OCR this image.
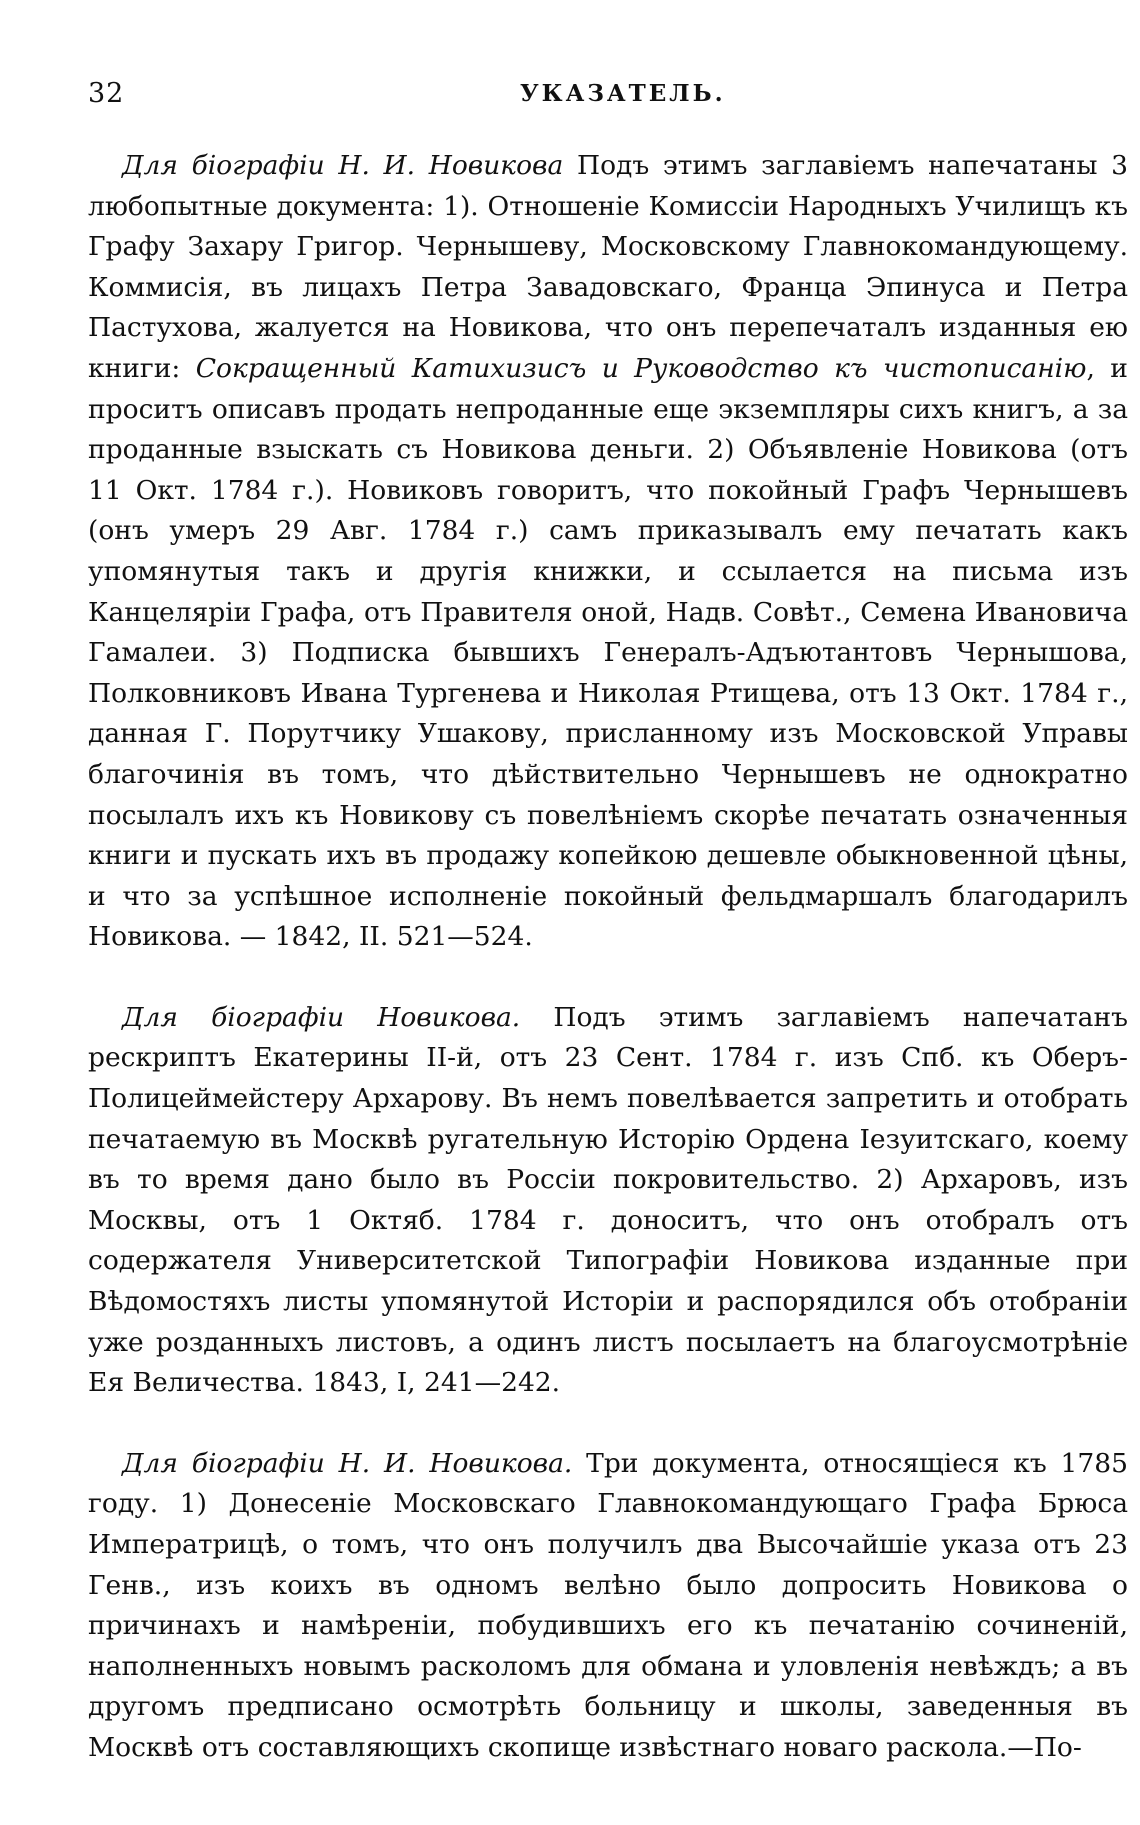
32	УКАЗАТЕЛЬ.

Для біографіи Н. И. Новикова Подъ этимъ заглавіемъ напечатаны 3 любопытные документа: 1). Отношеніе Комиссіи Народныхъ Училищъ къ Графу Захару Григор. Чернышеву, Московскому Главнокомандующему. Коммисія, въ лицахъ Петра Завадовскаго, Франца Эпинуса и Петра Пастухова, жалуется на Новикова, что онъ перепечаталъ изданныя ею книги: Сокращенный Катихизисъ и Руководство къ чистописанію, и проситъ описавъ продать непроданные еще экземпляры сихъ книгъ, а за проданные взыскать съ Новикова деньги. 2) Объявленіе Новикова (отъ 11 Окт. 1784 г.). Новиковъ говоритъ, что покойный Графъ Чернышевъ (онъ умеръ 29 Авг. 1784 г.) самъ приказывалъ ему печатать какъ упомянутыя такъ и другія книжки, и ссылается на письма изъ Канцеляріи Графа, отъ Правителя оной, Надв. Совѣт., Семена Ивановича Гамалеи. 3) Подписка бывшихъ Генералъ-Адъютантовъ Чернышова, Полковниковъ Ивана Тургенева и Николая Ртищева, отъ 13 Окт. 1784 г., данная Г. Порутчику Ушакову, присланному изъ Московской Управы благочинія въ томъ, что дѣйствительно Чернышевъ не однократно посылалъ ихъ къ Новикову съ повелѣніемъ скорѣе печатать означенныя книги и пускать ихъ въ продажу копейкою дешевле обыкновенной цѣны, и что за успѣшное исполненіе покойный фельдмаршалъ благодарилъ Новикова. — 1842, II. 521—524.

Для біографіи Новикова. Подъ этимъ заглавіемъ напечатанъ рескриптъ Екатерины II-й, отъ 23 Сент. 1784 г. изъ Спб. къ Оберъ-Полицеймейстеру Архарову. Въ немъ повелѣвается запретить и отобрать печатаемую въ Москвѣ ругательную Исторію Ордена Іезуитскаго, коему въ то время дано было въ Россіи покровительство. 2) Архаровъ, изъ Москвы, отъ 1 Октяб. 1784 г. доноситъ, что онъ отобралъ отъ содержателя Университетской Типографіи Новикова изданные при Вѣдомостяхъ листы упомянутой Исторіи и распорядился объ отобраніи уже розданныхъ листовъ, а одинъ листъ посылаетъ на благоусмотрѣніе Ея Величества. 1843, I, 241—242.

Для біографіи Н. И. Новикова. Три документа, относящіеся къ 1785 году. 1) Донесеніе Московскаго Главнокомандующаго Графа Брюса Императрицѣ, о томъ, что онъ получилъ два Высочайшіе указа отъ 23 Генв., изъ коихъ въ одномъ велѣно было допросить Новикова о причинахъ и намѣреніи, побудившихъ его къ печатанію сочиненій, наполненныхъ новымъ расколомъ для обмана и уловленія невѣждъ; а въ другомъ предписано осмотрѣть больницу и школы, заведенныя въ Москвѣ отъ составляющихъ скопище извѣстнаго новаго раскола.—По-
